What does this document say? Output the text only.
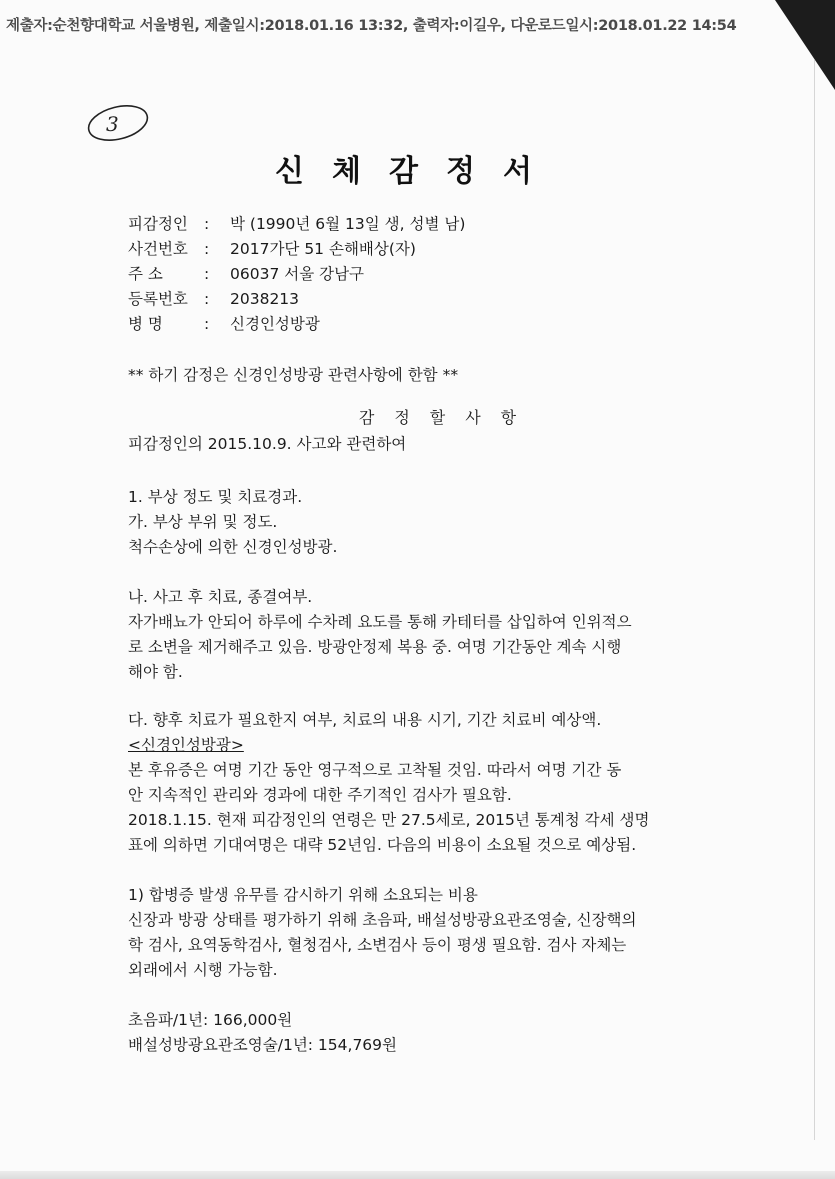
제출자:순천향대학교 서울병원, 제출일시:2018.01.16 13:32, 출력자:이길우, 다운로드일시:2018.01.22 14:54
3
신체감정서
피감정인 : 박 (1990년 6월 13일 생, 성별 남)
사건번호 : 2017가단 51 손해배상(자)
주 소	: 06037 서울 강남구
등록번호 : 2038213
병 명	: 신경인성방광
** 하기 감정은 신경인성방광 관련사항에 한함 **
감정할사항
피감정인의 2015.10.9. 사고와 관련하여
1. 부상 정도 및 치료경과.
가. 부상 부위 및 정도.
척수손상에 의한 신경인성방광.
나. 사고 후 치료, 종결여부.
자가배뇨가 안되어 하루에 수차례 요도를 통해 카테터를 삽입하여 인위적으
로 소변을 제거해주고 있음. 방광안정제 복용 중. 여명 기간동안 계속 시행
해야 함.
다. 향후 치료가 필요한지 여부, 치료의 내용 시기, 기간 치료비 예상액.
<신경인성방광>
본 후유증은 여명 기간 동안 영구적으로 고착될 것임. 따라서 여명 기간 동
안 지속적인 관리와 경과에 대한 주기적인 검사가 필요함.
2018.1.15. 현재 피감정인의 연령은 만 27.5세로, 2015년 통계청 각세 생명
표에 의하면 기대여명은 대략 52년임. 다음의 비용이 소요될 것으로 예상됨.
1) 합병증 발생 유무를 감시하기 위해 소요되는 비용
신장과 방광 상태를 평가하기 위해 초음파, 배설성방광요관조영술, 신장핵의
학 검사, 요역동학검사, 혈청검사, 소변검사 등이 평생 필요함. 검사 자체는
외래에서 시행 가능함.
초음파/1년: 166,000원
배설성방광요관조영술/1년: 154,769원
